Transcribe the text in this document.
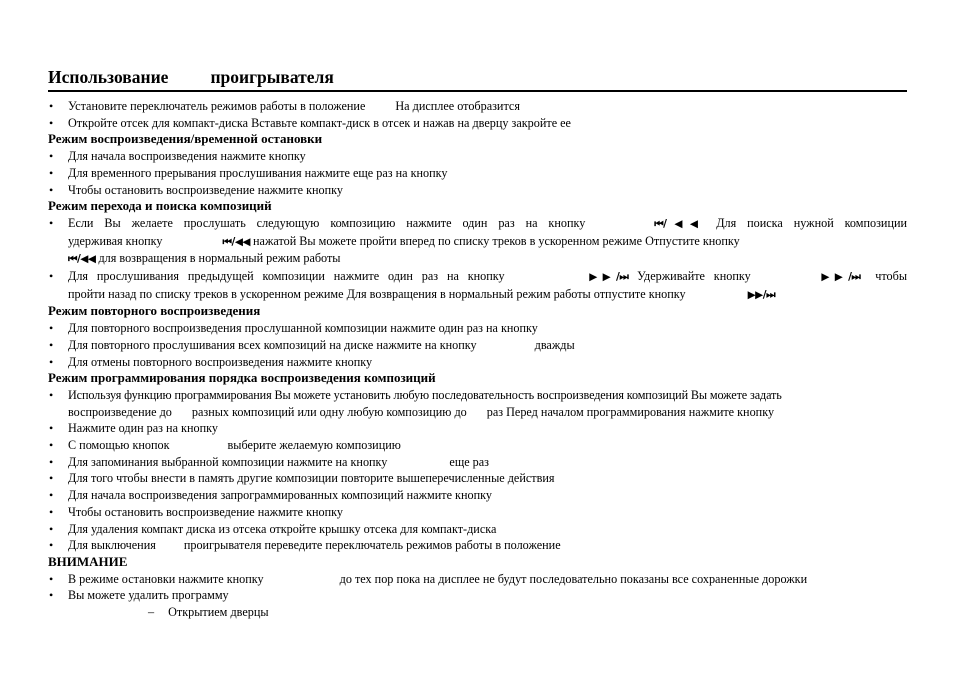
Использование проигрывателя
• Установите переключатель режимов работы в положение На дисплее отобразится
• Откройте отсек для компакт-диска Вставьте компакт-диск в отсек и нажав на дверцу закройте ее
Режим воспроизведения/временной остановки
• Для начала воспроизведения нажмите кнопку
• Для временного прерывания прослушивания нажмите еще раз на кнопку
• Чтобы остановить воспроизведение нажмите кнопку
Режим перехода и поиска композиций
• Если Вы желаете прослушать следующую композицию нажмите один раз на кнопку	⏮/◀◀ Для поиска нужной композиции
удерживая кнопку	⏮/◀◀ нажатой Вы можете пройти вперед по списку треков в ускоренном режиме Отпустите кнопку
⏮/◀◀ для возвращения в нормальный режим работы
• Для прослушивания предыдущей композиции нажмите один раз на кнопку	▶▶/⏭ Удерживайте кнопку	▶▶/⏭ чтобы
пройти назад по списку треков в ускоренном режиме Для возвращения в нормальный режим работы отпустите кнопку	▶▶/⏭
Режим повторного воспроизведения
• Для повторного воспроизведения прослушанной композиции нажмите один раз на кнопку
• Для повторного прослушивания всех композиций на диске нажмите на кнопку	дважды
• Для отмены повторного воспроизведения нажмите кнопку
Режим программирования порядка воспроизведения композиций
• Используя функцию программирования Вы можете установить любую последовательность воспроизведения композиций Вы можете задать
воспроизведение до разных композиций или одну любую композицию до раз Перед началом программирования нажмите кнопку
• Нажмите один раз на кнопку
• С помощью кнопок	выберите желаемую композицию
• Для запоминания выбранной композиции нажмите на кнопку	еще раз
• Для того чтобы внести в память другие композиции повторите вышеперечисленные действия
• Для начала воспроизведения запрограммированных композиций нажмите кнопку
• Чтобы остановить воспроизведение нажмите кнопку
• Для удаления компакт диска из отсека откройте крышку отсека для компакт-диска
• Для выключения проигрывателя переведите переключатель режимов работы в положение
ВНИМАНИЕ
• В режиме остановки нажмите кнопку	до тех пор пока на дисплее не будут последовательно показаны все сохраненные дорожки
• Вы можете удалить программу
– Открытием дверцы
